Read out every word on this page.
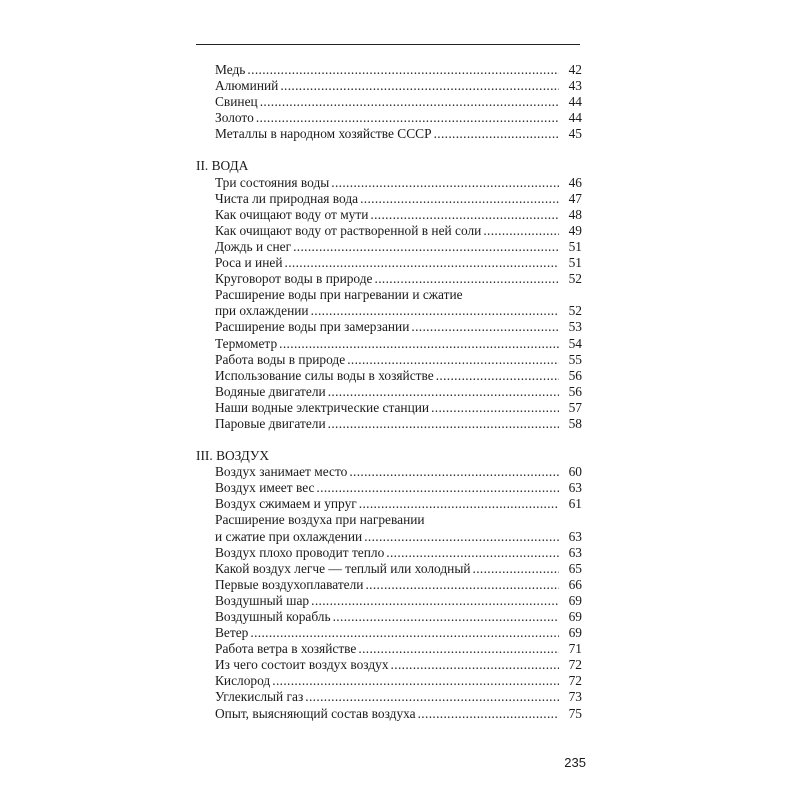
Медь . . .	42
Алюминий . . .	43
Свинец . . .	44
Золото . . .	44
Металлы в народном хозяйстве СССР . . .	45
II. ВОДА
Три состояния воды . . .	46
Чиста ли природная вода . . .	47
Как очищают воду от мути . . .	48
Как очищают воду от растворенной в ней соли . . .	49
Дождь и снег . . .	51
Роса и иней . . .	51
Круговорот воды в природе . . .	52
Расширение воды при нагревании и сжатие
при охлаждении . . .	52
Расширение воды при замерзании . . .	53
Термометр . . .	54
Работа воды в природе . . .	55
Использование силы воды в хозяйстве . . .	56
Водяные двигатели . . .	56
Наши водные электрические станции . . .	57
Паровые двигатели . . .	58
III. ВОЗДУХ
Воздух занимает место . . .	60
Воздух имеет вес . . .	63
Воздух сжимаем и упруг . . .	61
Расширение воздуха при нагревании
и сжатие при охлаждении . . .	63
Воздух плохо проводит тепло . . .	63
Какой воздух легче — теплый или холодный . . .	65
Первые воздухоплаватели . . .	66
Воздушный шар . . .	69
Воздушный корабль . . .	69
Ветер . . .	69
Работа ветра в хозяйстве . . .	71
Из чего состоит воздух воздух . . .	72
Кислород . . .	72
Углекислый газ . . .	73
Опыт, выясняющий состав воздуха . . .	75
235
